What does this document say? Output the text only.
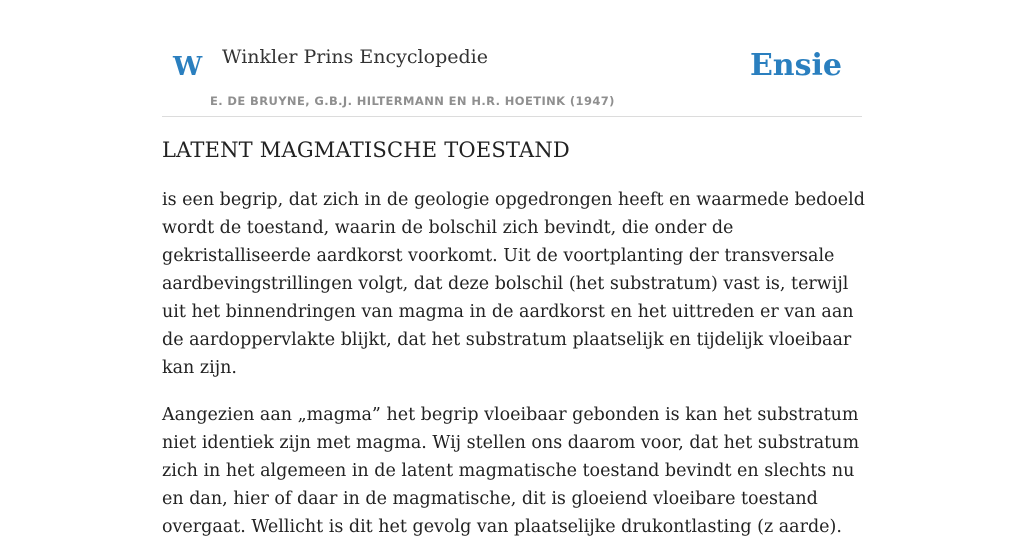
W Winkler Prins Encyclopedie
E. DE BRUYNE, G.B.J. HILTERMANN EN H.R. HOETINK (1947)
Ensie
LATENT MAGMATISCHE TOESTAND

is een begrip, dat zich in de geologie opgedrongen heeft en waarmede bedoeld wordt de toestand, waarin de bolschil zich bevindt, die onder de gekristalliseerde aardkorst voorkomt. Uit de voortplanting der transversale aardbevingstrillingen volgt, dat deze bolschil (het substratum) vast is, terwijl uit het binnendringen van magma in de aardkorst en het uittreden er van aan de aardoppervlakte blijkt, dat het substratum plaatselijk en tijdelijk vloeibaar kan zijn.

Aangezien aan „magma” het begrip vloeibaar gebonden is kan het substratum niet identiek zijn met magma. Wij stellen ons daarom voor, dat het substratum zich in het algemeen in de latent magmatische toestand bevindt en slechts nu en dan, hier of daar in de magmatische, dit is gloeiend vloeibare toestand overgaat. Wellicht is dit het gevolg van plaatselijke drukontlasting (z aarde).
